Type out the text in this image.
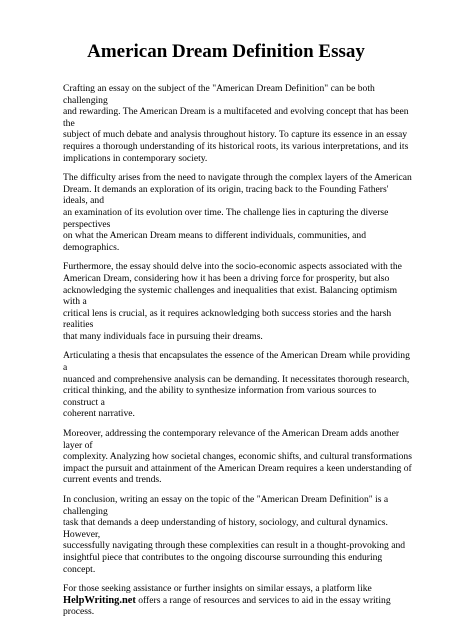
American Dream Definition Essay

Crafting an essay on the subject of the "American Dream Definition" can be both challenging
and rewarding. The American Dream is a multifaceted and evolving concept that has been the
subject of much debate and analysis throughout history. To capture its essence in an essay
requires a thorough understanding of its historical roots, its various interpretations, and its
implications in contemporary society.

The difficulty arises from the need to navigate through the complex layers of the American
Dream. It demands an exploration of its origin, tracing back to the Founding Fathers' ideals, and
an examination of its evolution over time. The challenge lies in capturing the diverse perspectives
on what the American Dream means to different individuals, communities, and demographics.

Furthermore, the essay should delve into the socio-economic aspects associated with the
American Dream, considering how it has been a driving force for prosperity, but also
acknowledging the systemic challenges and inequalities that exist. Balancing optimism with a
critical lens is crucial, as it requires acknowledging both success stories and the harsh realities
that many individuals face in pursuing their dreams.

Articulating a thesis that encapsulates the essence of the American Dream while providing a
nuanced and comprehensive analysis can be demanding. It necessitates thorough research,
critical thinking, and the ability to synthesize information from various sources to construct a
coherent narrative.

Moreover, addressing the contemporary relevance of the American Dream adds another layer of
complexity. Analyzing how societal changes, economic shifts, and cultural transformations
impact the pursuit and attainment of the American Dream requires a keen understanding of
current events and trends.

In conclusion, writing an essay on the topic of the "American Dream Definition" is a challenging
task that demands a deep understanding of history, sociology, and cultural dynamics. However,
successfully navigating through these complexities can result in a thought-provoking and
insightful piece that contributes to the ongoing discourse surrounding this enduring concept.

For those seeking assistance or further insights on similar essays, a platform like
HelpWriting.net offers a range of resources and services to aid in the essay writing process.
